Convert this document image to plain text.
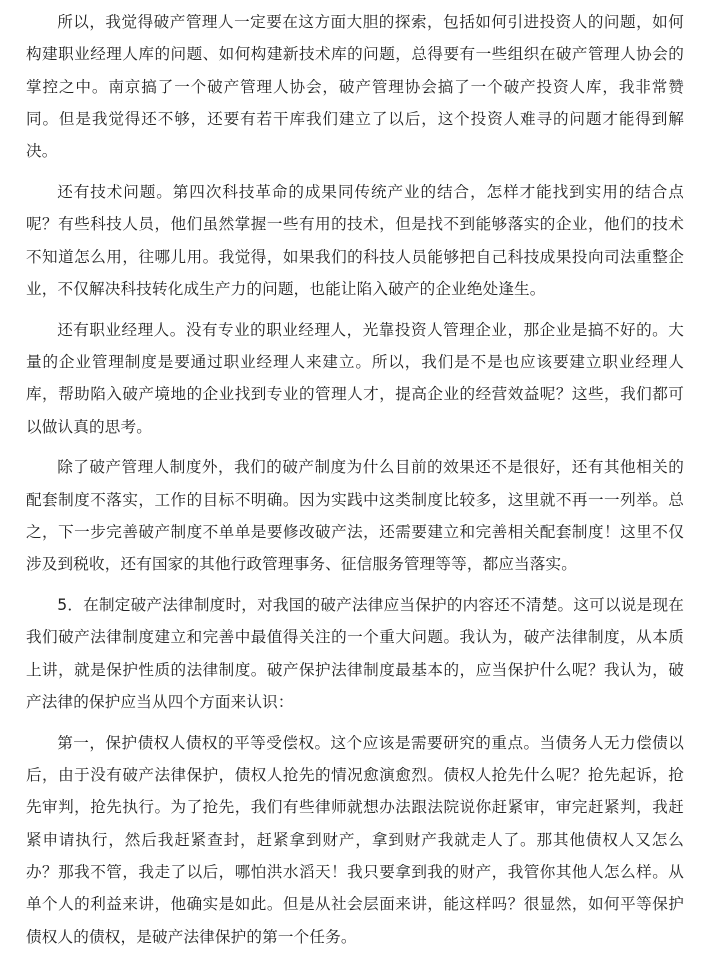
所以，我觉得破产管理人一定要在这方面大胆的探索，包括如何引进投资人的问题，如何构建职业经理人库的问题、如何构建新技术库的问题，总得要有一些组织在破产管理人协会的掌控之中。南京搞了一个破产管理人协会，破产管理协会搞了一个破产投资人库，我非常赞同。但是我觉得还不够，还要有若干库我们建立了以后，这个投资人难寻的问题才能得到解决。

还有技术问题。第四次科技革命的成果同传统产业的结合，怎样才能找到实用的结合点呢？有些科技人员，他们虽然掌握一些有用的技术，但是找不到能够落实的企业，他们的技术不知道怎么用，往哪儿用。我觉得，如果我们的科技人员能够把自己科技成果投向司法重整企业，不仅解决科技转化成生产力的问题，也能让陷入破产的企业绝处逢生。

还有职业经理人。没有专业的职业经理人，光靠投资人管理企业，那企业是搞不好的。大量的企业管理制度是要通过职业经理人来建立。所以，我们是不是也应该要建立职业经理人库，帮助陷入破产境地的企业找到专业的管理人才，提高企业的经营效益呢？这些，我们都可以做认真的思考。

除了破产管理人制度外，我们的破产制度为什么目前的效果还不是很好，还有其他相关的配套制度不落实，工作的目标不明确。因为实践中这类制度比较多，这里就不再一一列举。总之，下一步完善破产制度不单单是要修改破产法，还需要建立和完善相关配套制度！这里不仅涉及到税收，还有国家的其他行政管理事务、征信服务管理等等，都应当落实。

5．在制定破产法律制度时，对我国的破产法律应当保护的内容还不清楚。这可以说是现在我们破产法律制度建立和完善中最值得关注的一个重大问题。我认为，破产法律制度，从本质上讲，就是保护性质的法律制度。破产保护法律制度最基本的，应当保护什么呢？我认为，破产法律的保护应当从四个方面来认识：

第一，保护债权人债权的平等受偿权。这个应该是需要研究的重点。当债务人无力偿债以后，由于没有破产法律保护，债权人抢先的情况愈演愈烈。债权人抢先什么呢？抢先起诉，抢先审判，抢先执行。为了抢先，我们有些律师就想办法跟法院说你赶紧审，审完赶紧判，我赶紧申请执行，然后我赶紧查封，赶紧拿到财产，拿到财产我就走人了。那其他债权人又怎么办？那我不管，我走了以后，哪怕洪水滔天！我只要拿到我的财产，我管你其他人怎么样。从单个人的利益来讲，他确实是如此。但是从社会层面来讲，能这样吗？很显然，如何平等保护债权人的债权，是破产法律保护的第一个任务。
